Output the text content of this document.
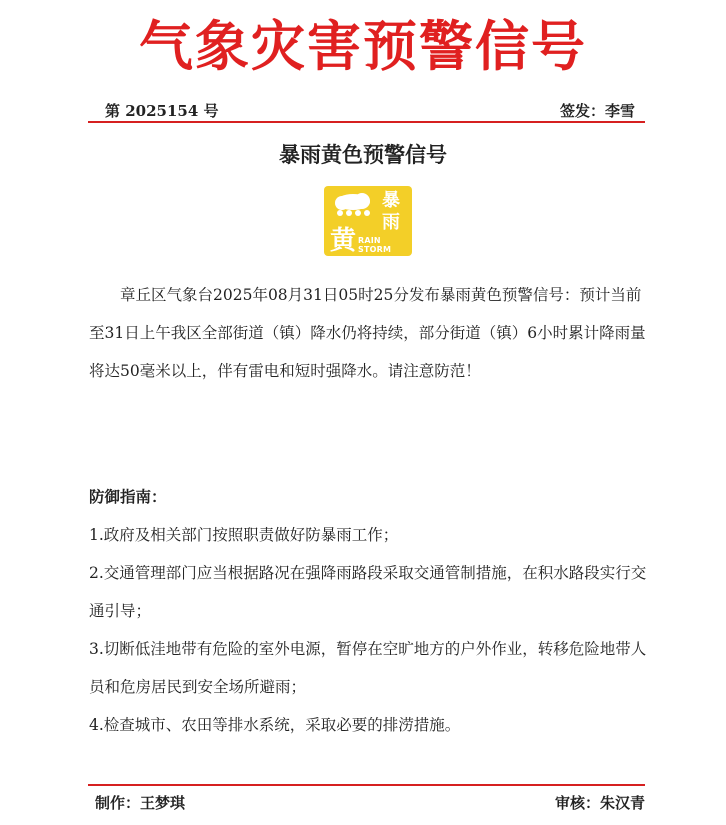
气象灾害预警信号
第 2025154 号	签发：李雪
暴雨黄色预警信号
暴
雨
黄 RAIN STORM

章丘区气象台2025年08月31日05时25分发布暴雨黄色预警信号：预计当前至31日上午我区全部街道（镇）降水仍将持续，部分街道（镇）6小时累计降雨量将达50毫米以上，伴有雷电和短时强降水。请注意防范！

防御指南：
1.政府及相关部门按照职责做好防暴雨工作；
2.交通管理部门应当根据路况在强降雨路段采取交通管制措施，在积水路段实行交通引导；
3.切断低洼地带有危险的室外电源，暂停在空旷地方的户外作业，转移危险地带人员和危房居民到安全场所避雨；
4.检查城市、农田等排水系统，采取必要的排涝措施。
制作：王梦琪	审核：朱汉青
